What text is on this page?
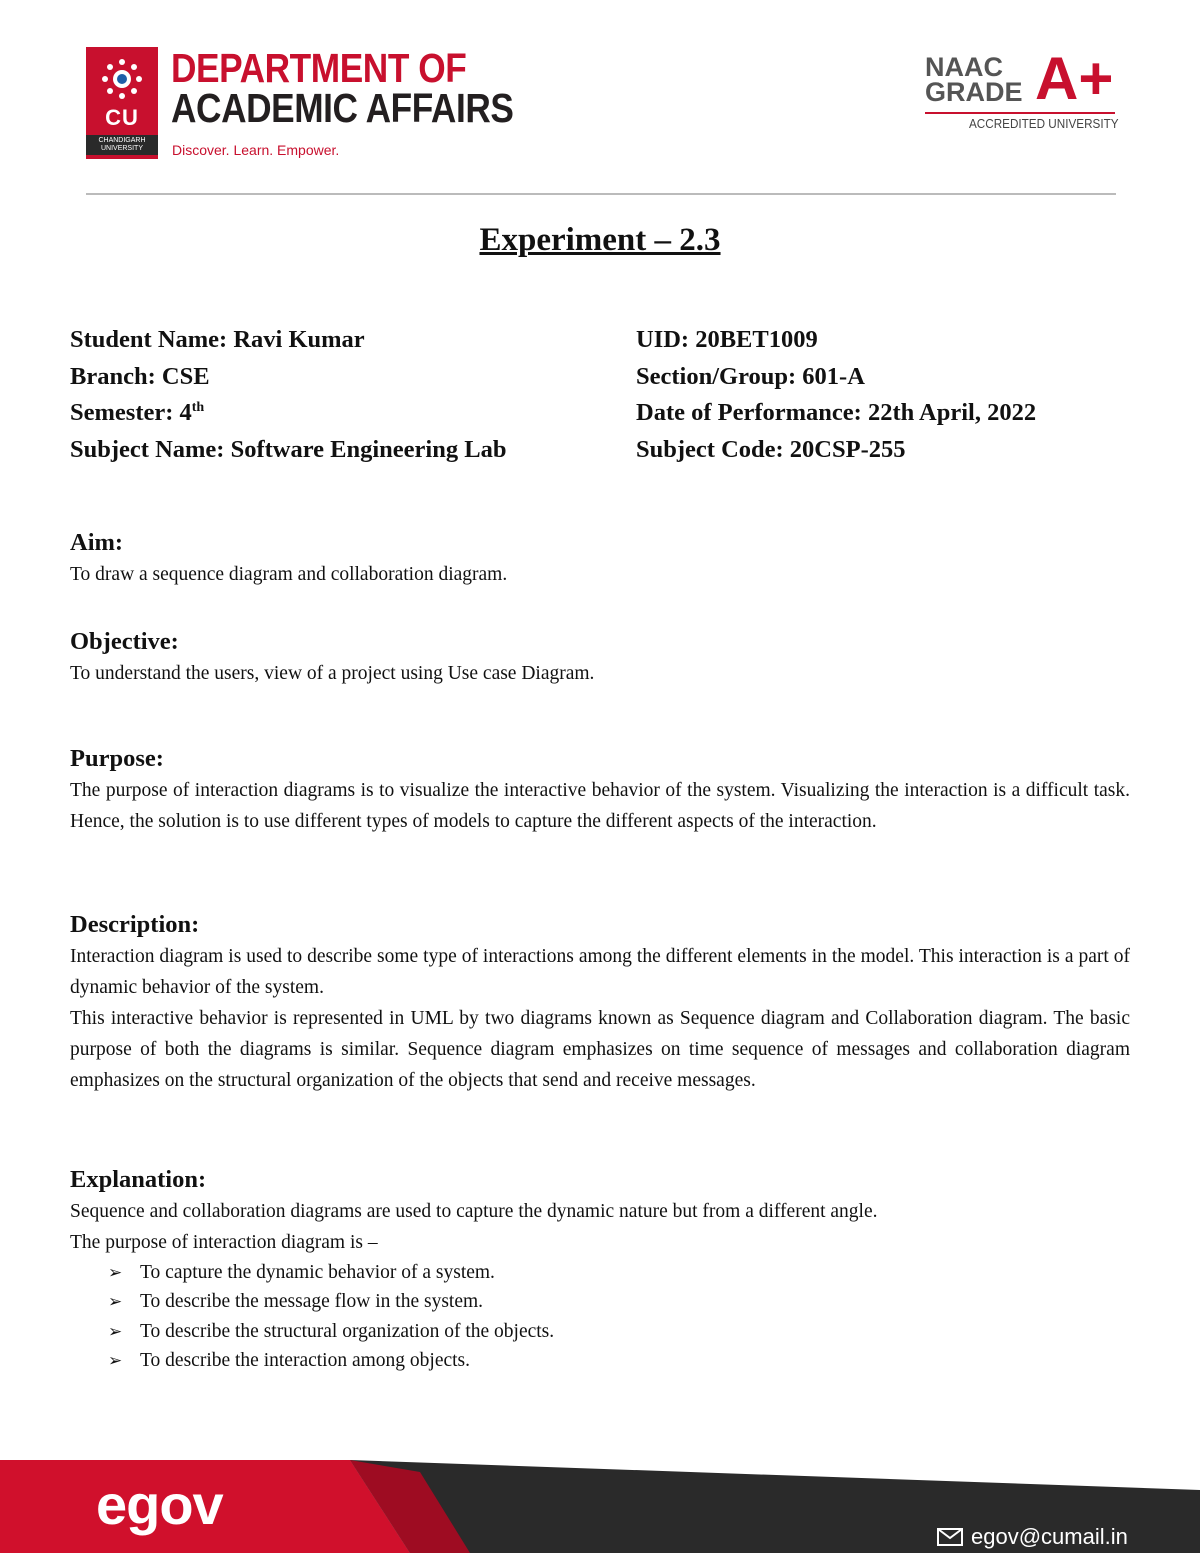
CU
CHANDIGARH UNIVERSITY
DEPARTMENT OF
ACADEMIC AFFAIRS
Discover. Learn. Empower.
NAAC
GRADE A+
ACCREDITED UNIVERSITY
Experiment – 2.3
Student Name: Ravi Kumar
Branch: CSE
Semester: 4th
Subject Name: Software Engineering Lab
UID: 20BET1009
Section/Group: 601-A
Date of Performance: 22th April, 2022
Subject Code: 20CSP-255

Aim:

To draw a sequence diagram and collaboration diagram.

Objective:

To understand the users, view of a project using Use case Diagram.

Purpose:

The purpose of interaction diagrams is to visualize the interactive behavior of the system. Visualizing the interaction is a difficult task. Hence, the solution is to use different types of models to capture the different aspects of the interaction.

Description:

Interaction diagram is used to describe some type of interactions among the different elements in the model. This interaction is a part of dynamic behavior of the system.

This interactive behavior is represented in UML by two diagrams known as Sequence diagram and Collaboration diagram. The basic purpose of both the diagrams is similar. Sequence diagram emphasizes on time sequence of messages and collaboration diagram emphasizes on the structural organization of the objects that send and receive messages.

Explanation:

Sequence and collaboration diagrams are used to capture the dynamic nature but from a different angle.

The purpose of interaction diagram is –

➢ To capture the dynamic behavior of a system.
➢ To describe the message flow in the system.
➢ To describe the structural organization of the objects.
➢ To describe the interaction among objects.
egov
egov@cumail.in
